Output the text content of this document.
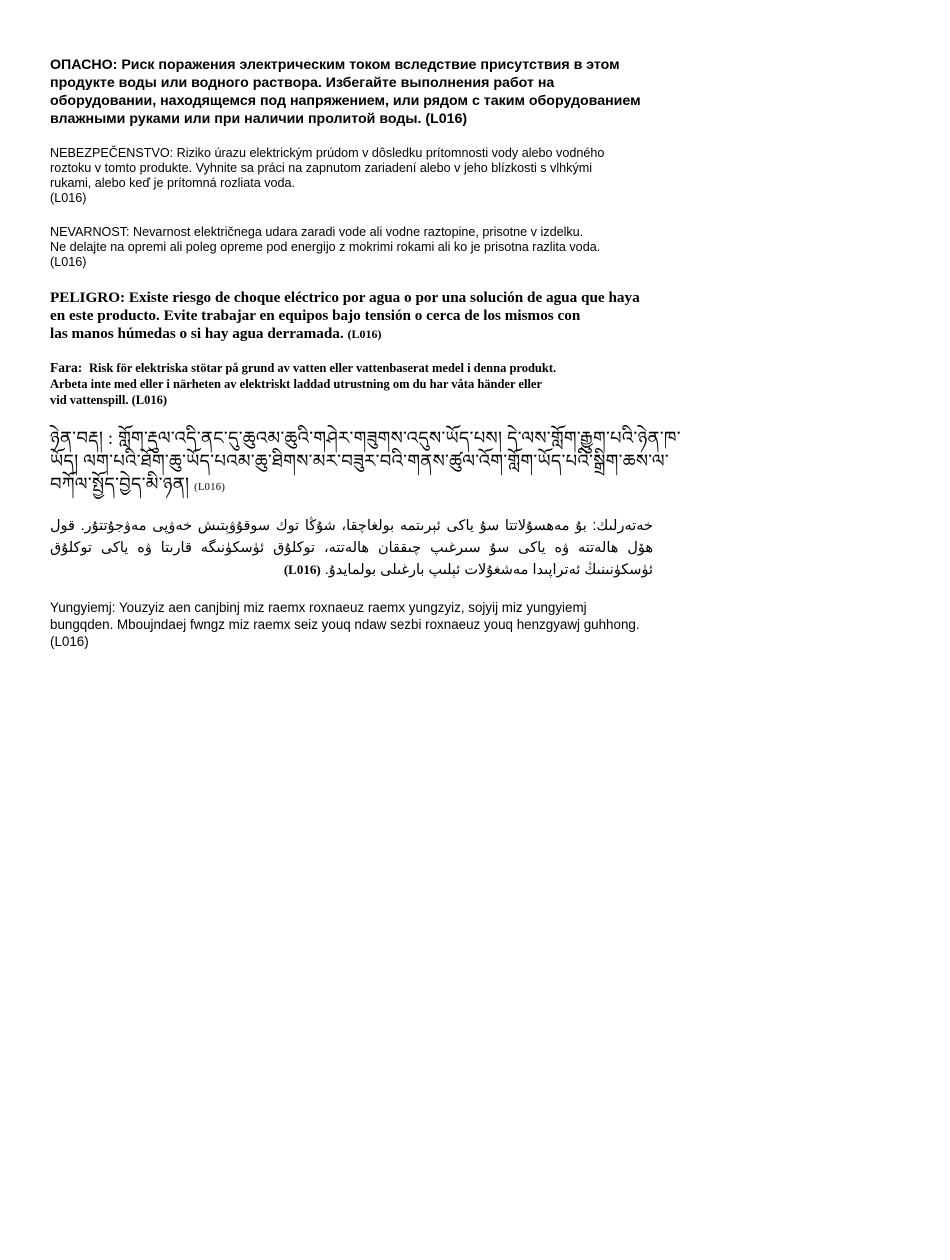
ОПАСНО: Риск поражения электрическим током вследствие присутствия в этом
продукте воды или водного раствора. Избегайте выполнения работ на
оборудовании, находящемся под напряжением, или рядом с таким оборудованием
влажными руками или при наличии пролитой воды. (L016)
NEBEZPEČENSTVO: Riziko úrazu elektrickým prúdom v dôsledku prítomnosti vody alebo vodného
roztoku v tomto produkte. Vyhnite sa práci na zapnutom zariadení alebo v jeho blízkosti s vlhkými
rukami, alebo keď je prítomná rozliata voda.
(L016)
NEVARNOST: Nevarnost električnega udara zaradi vode ali vodne raztopine, prisotne v izdelku.
Ne delajte na opremi ali poleg opreme pod energijo z mokrimi rokami ali ko je prisotna razlita voda.
(L016)
PELIGRO: Existe riesgo de choque eléctrico por agua o por una solución de agua que haya
en este producto. Evite trabajar en equipos bajo tensión o cerca de los mismos con
las manos húmedas o si hay agua derramada. (L016)
Fara: Risk för elektriska stötar på grund av vatten eller vattenbaserat medel i denna produkt.
Arbeta inte med eller i närheten av elektriskt laddad utrustning om du har våta händer eller
vid vattenspill. (L016)
ཉེན་བརྡ། : གློག་རྡུལ་འདི་ནང་དུ་ཆུའམ་ཆུའི་གཤེར་གཟུགས་འདུས་ཡོད་པས། དེ་ལས་གློག་རྒྱུག་པའི་ཉེན་ཁ་ཡོད། ལག་པའི་ཐོག་ཆུ་ཡོད་པའམ་ཆུ་ཐིགས་མར་བཟུར་བའི་གནས་ཚུལ་འོག་གློག་ཡོད་པའི་སྒྲིག་ཆས་ལ་བཀོལ་སྤྱོད་བྱེད་མི་ཉན། (L016)
خەتەرلىك: بۇ مەھسۇلاتتا سۇ ياكى ئېرىتمە بولغاچقا، شۇڭا توك سوقۇۋېتىش خەۋپى مەۋجۇتتۇر. قول ھۆل ھالەتتە ۋە ياكى سۇ سىرغىپ چىققان ھالەتتە، توكلۇق ئۈسكۈنىگە قارىتا ۋە ياكى توكلۇق ئۈسكۈنىنىڭ ئەتراپىدا مەشغۇلات ئېلىپ بارغىلى بولمايدۇ. (L016)
Yungyiemj: Youzyiz aen canjbinj miz raemx roxnaeuz raemx yungzyiz, sojyij miz yungyiemj
bungqden. Mboujndaej fwngz miz raemx seiz youq ndaw sezbi roxnaeuz youq henzgyawj guhhong.
(L016)
